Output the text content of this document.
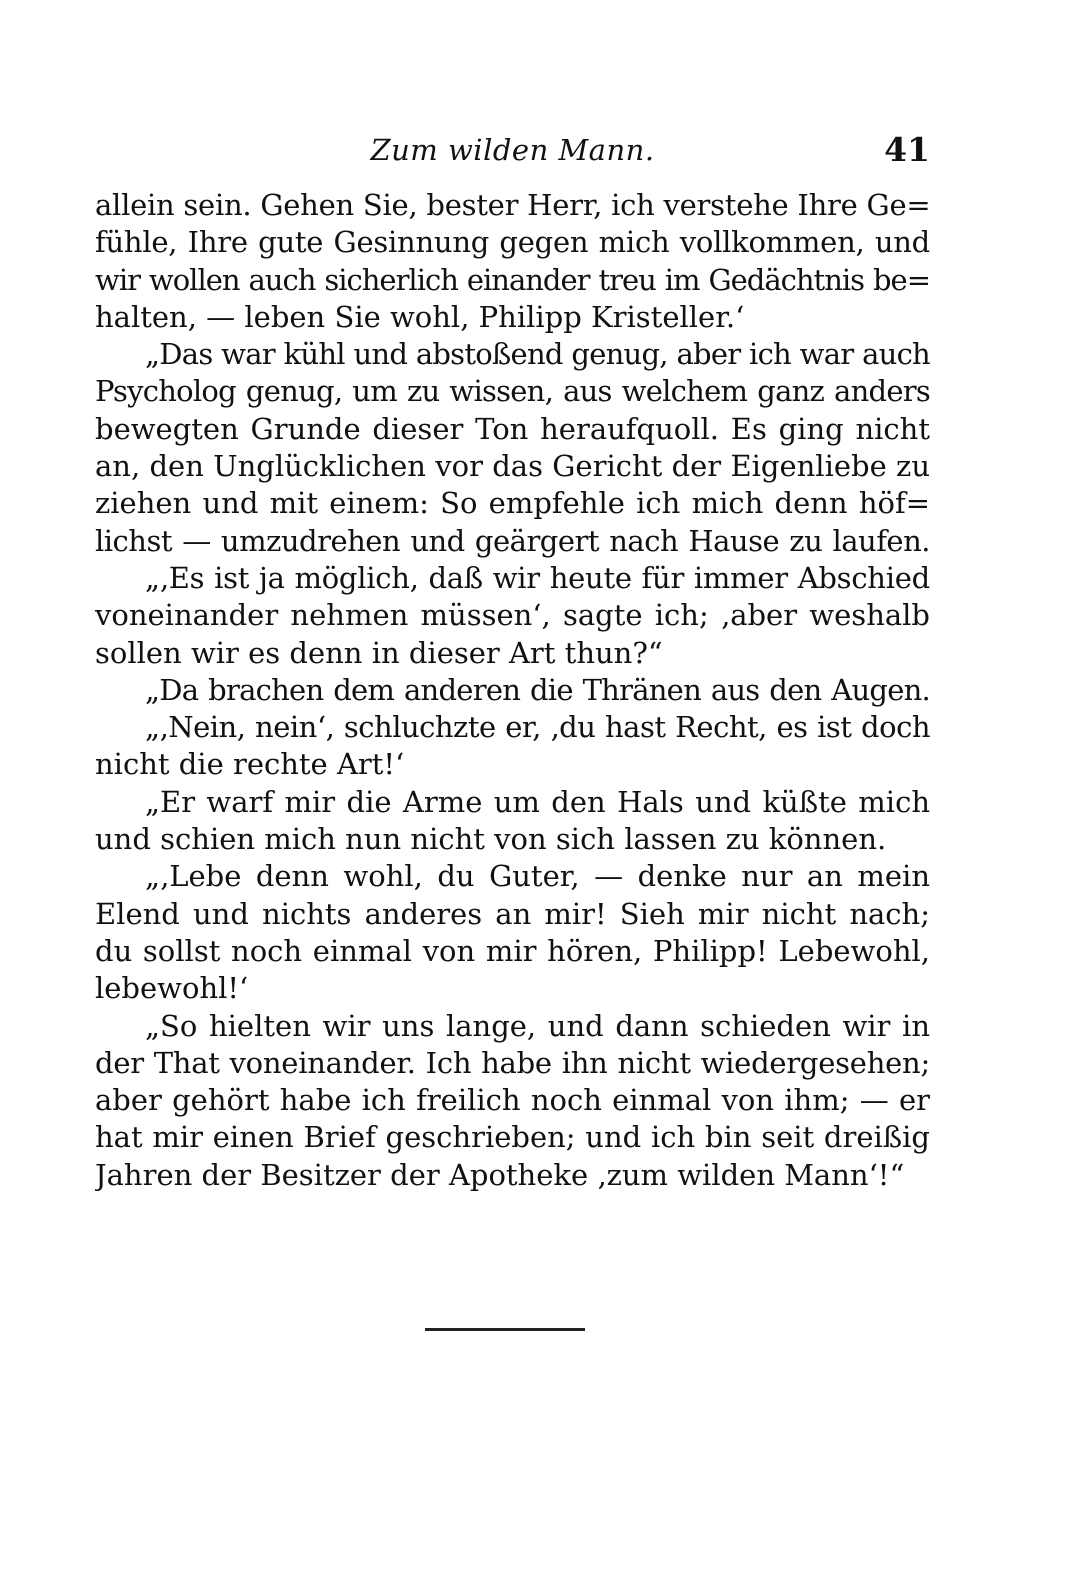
Zum wilden Mann.	41
allein sein. Gehen Sie, bester Herr, ich verstehe Ihre Ge=
fühle, Ihre gute Gesinnung gegen mich vollkommen, und
wir wollen auch sicherlich einander treu im Gedächtnis be=
halten, — leben Sie wohl, Philipp Kristeller.‘
„Das war kühl und abstoßend genug, aber ich war auch
Psycholog genug, um zu wissen, aus welchem ganz anders
bewegten Grunde dieser Ton heraufquoll. Es ging nicht
an, den Unglücklichen vor das Gericht der Eigenliebe zu
ziehen und mit einem: So empfehle ich mich denn höf=
lichst — umzudrehen und geärgert nach Hause zu laufen.
„‚Es ist ja möglich, daß wir heute für immer Abschied
voneinander nehmen müssen‘, sagte ich; ‚aber weshalb
sollen wir es denn in dieser Art thun?“
„Da brachen dem anderen die Thränen aus den Augen.
„‚Nein, nein‘, schluchzte er, ‚du hast Recht, es ist doch
nicht die rechte Art!‘
„Er warf mir die Arme um den Hals und küßte mich
und schien mich nun nicht von sich lassen zu können.
„‚Lebe denn wohl, du Guter, — denke nur an mein
Elend und nichts anderes an mir! Sieh mir nicht nach;
du sollst noch einmal von mir hören, Philipp! Lebewohl,
lebewohl!‘
„So hielten wir uns lange, und dann schieden wir in
der That voneinander. Ich habe ihn nicht wiedergesehen;
aber gehört habe ich freilich noch einmal von ihm; — er
hat mir einen Brief geschrieben; und ich bin seit dreißig
Jahren der Besitzer der Apotheke ‚zum wilden Mann‘!“
